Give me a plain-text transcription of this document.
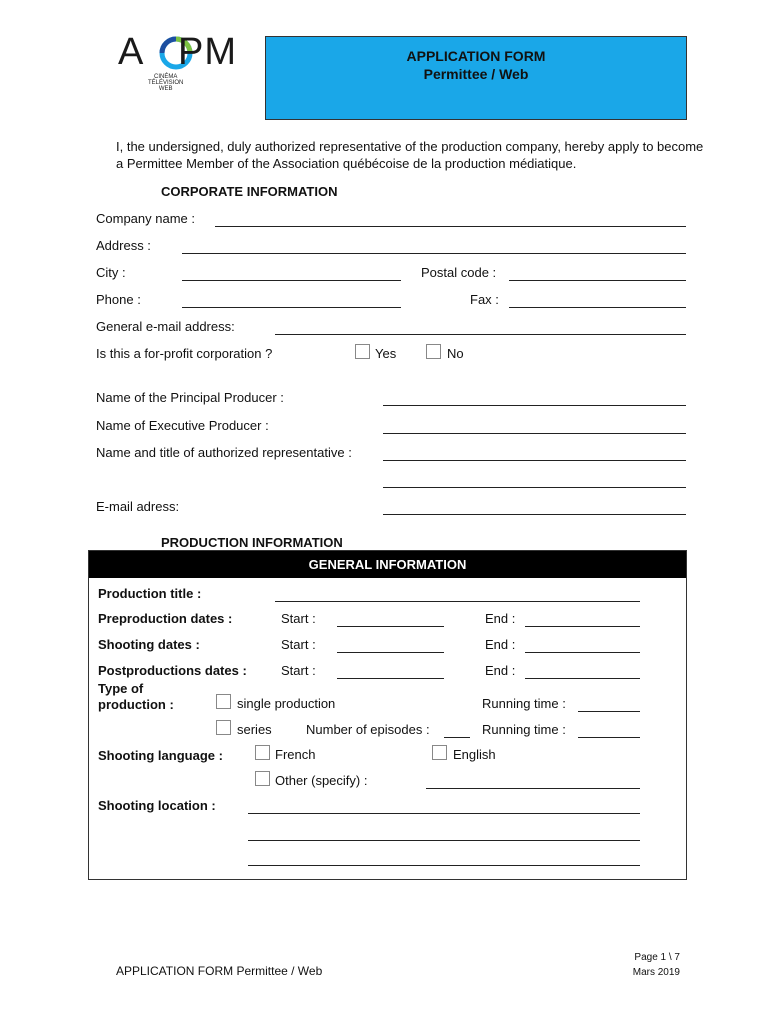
A PM
CINÉMA
TÉLÉVISION
WEB
APPLICATION FORM
Permittee / Web
I, the undersigned, duly authorized representative of the production company, hereby apply to become a Permittee Member of the Association québécoise de la production médiatique.
CORPORATE INFORMATION
Company name :
Address :
City :	Postal code :
Phone :	Fax :
General e-mail address:
Is this a for-profit corporation ?	Yes	No
Name of the Principal Producer :
Name of Executive Producer :
Name and title of authorized representative :
E-mail adress:
PRODUCTION INFORMATION
GENERAL INFORMATION
Production title :
Preproduction dates :	Start :	End :
Shooting dates :	Start :	End :
Postproductions dates :	Start :	End :
Type of
production :	single production	Running time :
series	Number of episodes :	Running time :
Shooting language :	French	English
Other (specify) :
Shooting location :
APPLICATION FORM Permittee / Web
Page 1 \ 7
Mars 2019
